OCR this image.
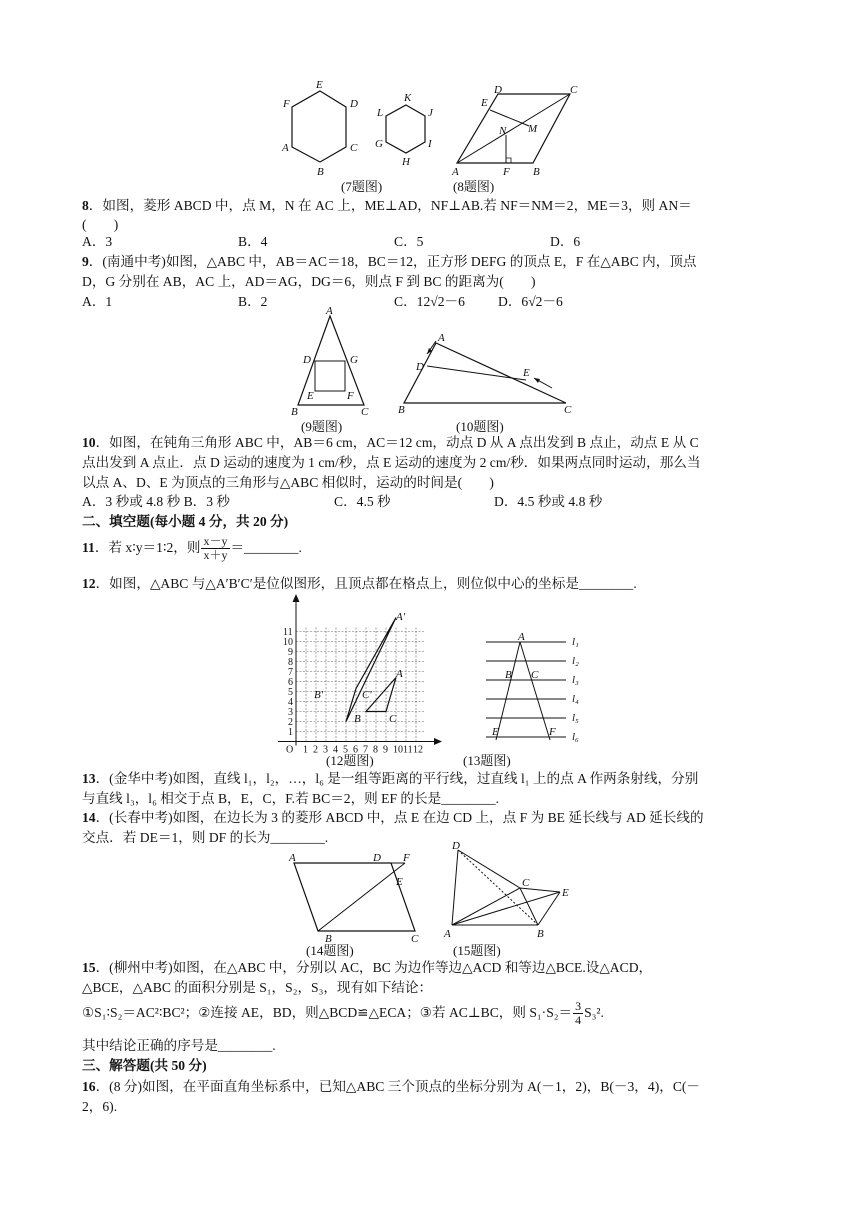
E
D
C
B
A
F	K
J
I
H
G
L
(7题图)
D	C
E
N M
A	F B
(8题图)
8．如图，菱形 ABCD 中，点 M，N 在 AC 上，ME⊥AD，NF⊥AB.若 NF＝NM＝2，ME＝3，则 AN＝
(　　)
A．3	B．4	C．5	D．6
9．(南通中考)如图，△ABC 中，AB＝AC＝18，BC＝12，正方形 DEFG 的顶点 E，F 在△ABC 内，顶点
D，G 分别在 AB，AC 上，AD＝AG，DG＝6，则点 F 到 BC 的距离为(　　)
A．1	B．2	C．12√2－6 D．6√2－6
A
D	G
E	F
B	C
(9题图)
A
D	E
B	C
(10题图)
10．如图，在钝角三角形 ABC 中，AB＝6 cm，AC＝12 cm，动点 D 从 A 点出发到 B 点止，动点 E 从 C
点出发到 A 点止．点 D 运动的速度为 1 cm/秒，点 E 运动的速度为 2 cm/秒．如果两点同时运动，那么当
以点 A、D、E 为顶点的三角形与△ABC 相似时，运动的时间是(　　)
A．3 秒或 4.8 秒 B．3 秒	C．4.5 秒	D．4.5 秒或 4.8 秒
二、填空题(每小题 4 分，共 20 分)
11．若 x∶y＝1∶2，则 $\frac{x-y}{x+y}$ ＝________.
12．如图，△ABC 与△A′B′C′是位似图形，且顶点都在格点上，则位似中心的坐标是________.
1 2 3 4 5 6 7 8 9 10 11 12
1
2
3
4
5
6
7
8
9
10
11
O
A′
B′	C′
A
B	C
(12题图)
A
B C
E	F
l₁
l₂
l₃
l₄
l₅
l₆
(13题图)
13．(金华中考)如图，直线 l₁，l₂，…，l₆ 是一组等距离的平行线，过直线 l₁ 上的点 A 作两条射线，分别
与直线 l₃，l₆ 相交于点 B，E，C，F.若 BC＝2，则 EF 的长是________.
14．(长春中考)如图，在边长为 3 的菱形 ABCD 中，点 E 在边 CD 上，点 F 为 BE 延长线与 AD 延长线的
交点．若 DE＝1，则 DF 的长为________.
A	D F
E
B	C
(14题图)
D
C
E
A	B
(15题图)
15．(柳州中考)如图，在△ABC 中，分别以 AC，BC 为边作等边△ACD 和等边△BCE.设△ACD，
△BCE，△ABC 的面积分别是 S₁，S₂，S₃，现有如下结论：
①S₁∶S₂＝AC²∶BC²；②连接 AE，BD，则△BCD≌△ECA；③若 AC⊥BC，则 $S_1\cdot S_2= \frac{3}{4} S_3^2$.
其中结论正确的序号是________.
三、解答题(共 50 分)
16．(8 分)如图，在平面直角坐标系中，已知△ABC 三个顶点的坐标分别为 A(－1，2)，B(－3，4)，C(－
2，6).
